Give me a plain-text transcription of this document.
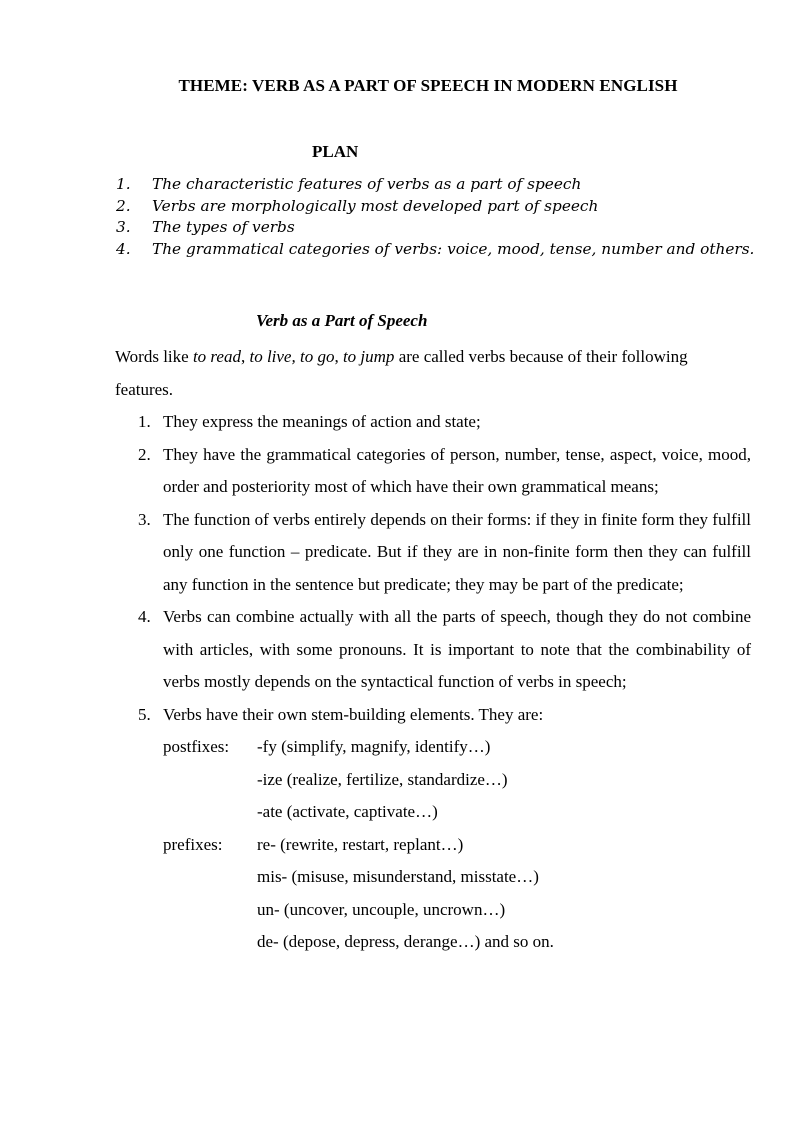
THEME: VERB AS A PART OF SPEECH IN MODERN ENGLISH
PLAN
1. The characteristic features of verbs as a part of speech
2. Verbs are morphologically most developed part of speech
3. The types of verbs
4. The grammatical categories of verbs: voice, mood, tense, number and others.
Verb as a Part of Speech

Words like to read, to live, to go, to jump are called verbs because of their following
features.

1. They express the meanings of action and state;
2. They have the grammatical categories of person, number, tense, aspect, voice, mood, order and posteriority most of which have their own grammatical means;
3. The function of verbs entirely depends on their forms: if they in finite form they fulfill only one function – predicate. But if they are in non-finite form then they can fulfill any function in the sentence but predicate; they may be part of the predicate;
4. Verbs can combine actually with all the parts of speech, though they do not combine with articles, with some pronouns. It is important to note that the combinability of verbs mostly depends on the syntactical function of verbs in speech;
5. Verbs have their own stem-building elements. They are:
postfixes: -fy (simplify, magnify, identify…)
-ize (realize, fertilize, standardize…)
-ate (activate, captivate…)
prefixes: re- (rewrite, restart, replant…)
mis- (misuse, misunderstand, misstate…)
un- (uncover, uncouple, uncrown…)
de- (depose, depress, derange…) and so on.
